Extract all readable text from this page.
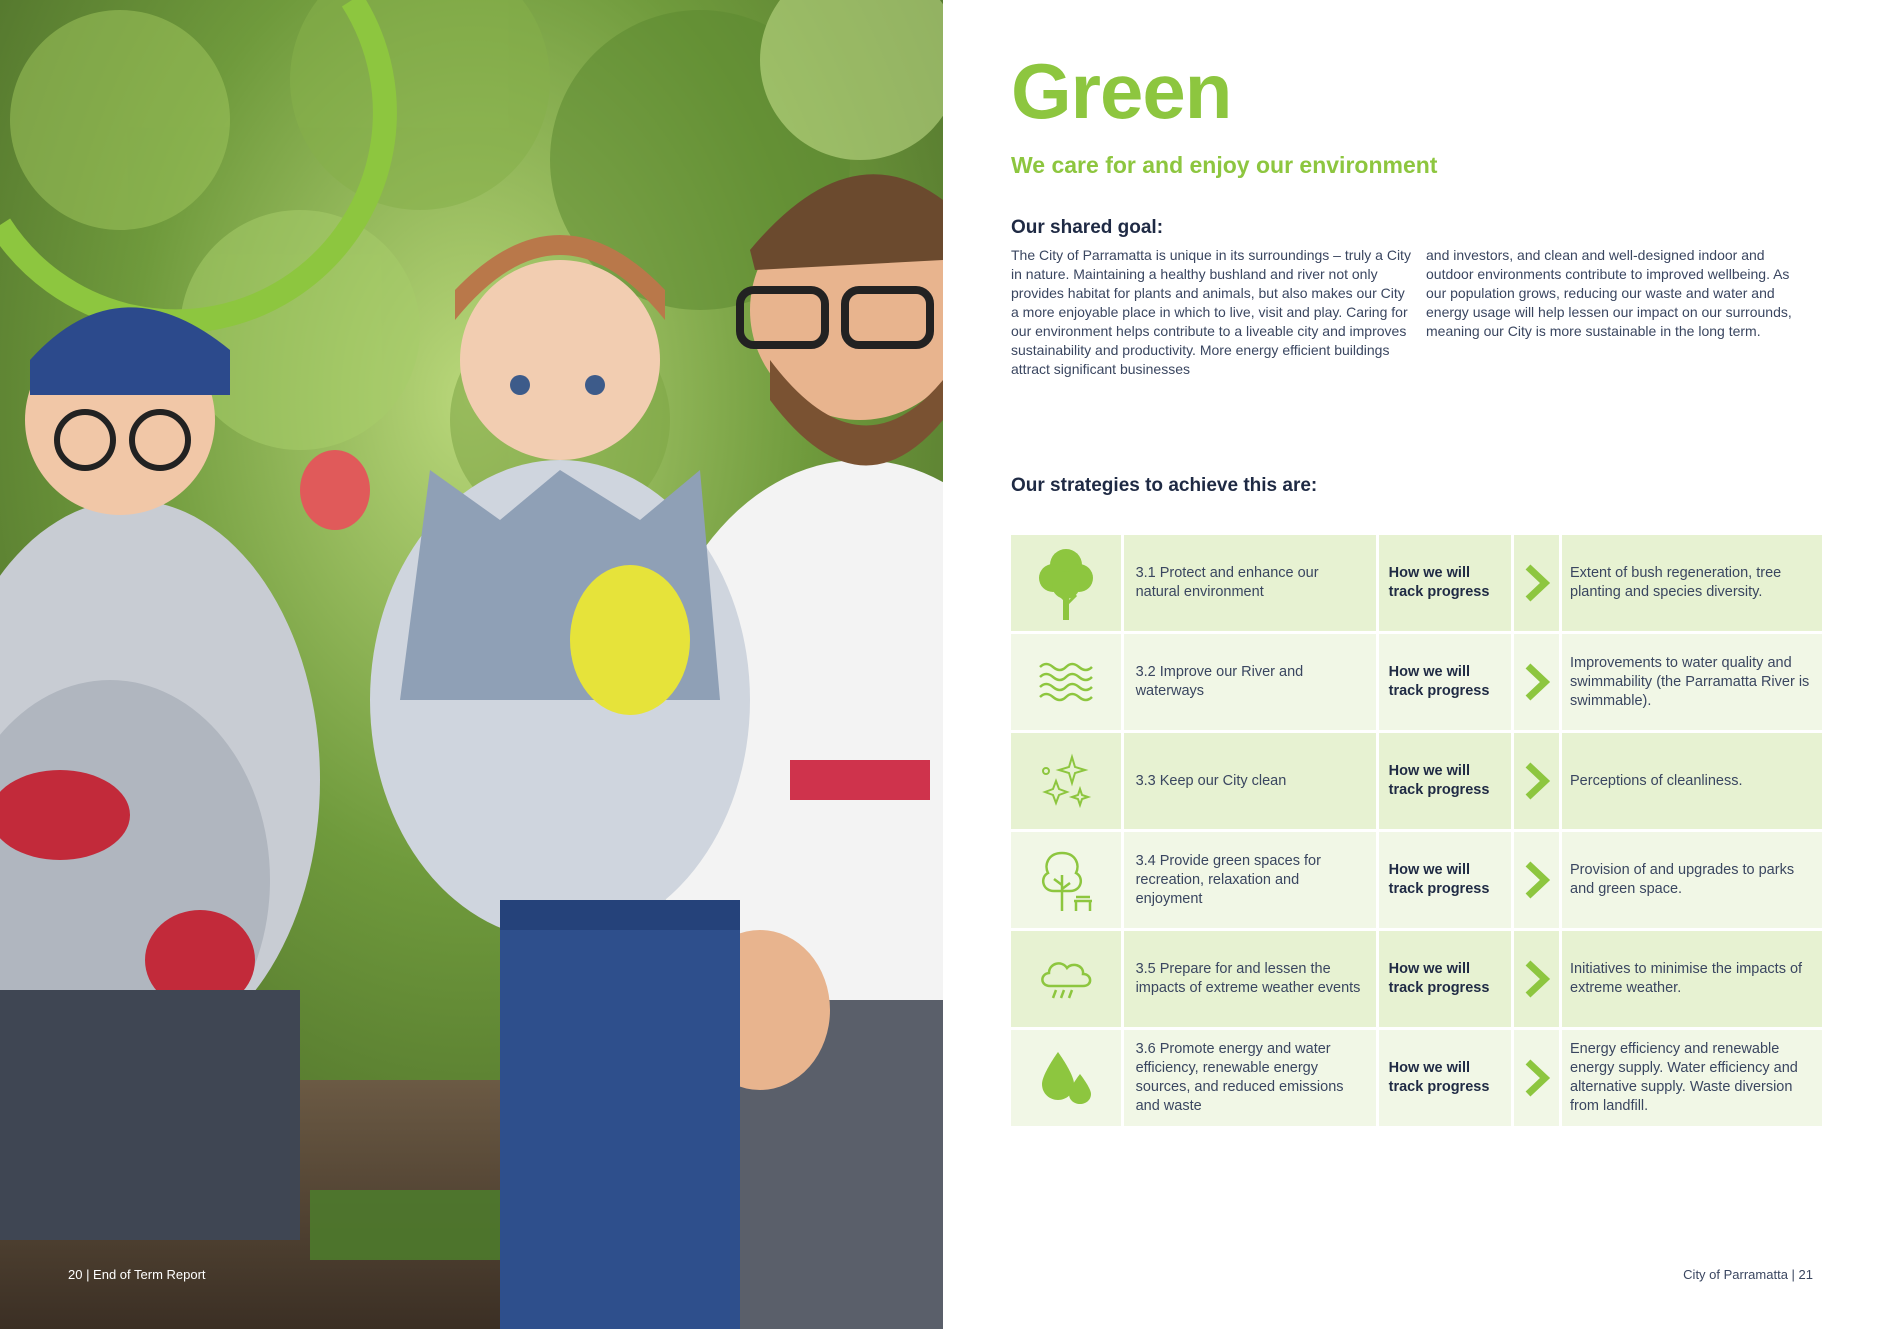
20 | End of Term Report
Green
We care for and enjoy our environment
Our shared goal:
The City of Parramatta is unique in its surroundings – truly a City in nature. Maintaining a healthy bushland and river not only provides habitat for plants and animals, but also makes our City a more enjoyable place in which to live, visit and play. Caring for our environment helps contribute to a liveable city and improves sustainability and productivity. More energy efficient buildings attract significant businesses
and investors, and clean and well-designed indoor and outdoor environments contribute to improved wellbeing. As our population grows, reducing our waste and water and energy usage will help lessen our impact on our surrounds, meaning our City is more sustainable in the long term.
Our strategies to achieve this are:
3.1 Protect and enhance our natural environment
How we will
track progress
Extent of bush regeneration, tree planting and species diversity.
3.2 Improve our River and waterways
How we will
track progress
Improvements to water quality and swimmability (the Parramatta River is swimmable).
3.3 Keep our City clean
How we will
track progress
Perceptions of cleanliness.
3.4 Provide green spaces for recreation, relaxation and enjoyment
How we will
track progress
Provision of and upgrades to parks and green space.
3.5 Prepare for and lessen the impacts of extreme weather events
How we will
track progress
Initiatives to minimise the impacts of extreme weather.
3.6 Promote energy and water efficiency, renewable energy sources, and reduced emissions and waste
How we will
track progress
Energy efficiency and renewable energy supply. Water efficiency and alternative supply. Waste diversion from landfill.
City of Parramatta | 21
